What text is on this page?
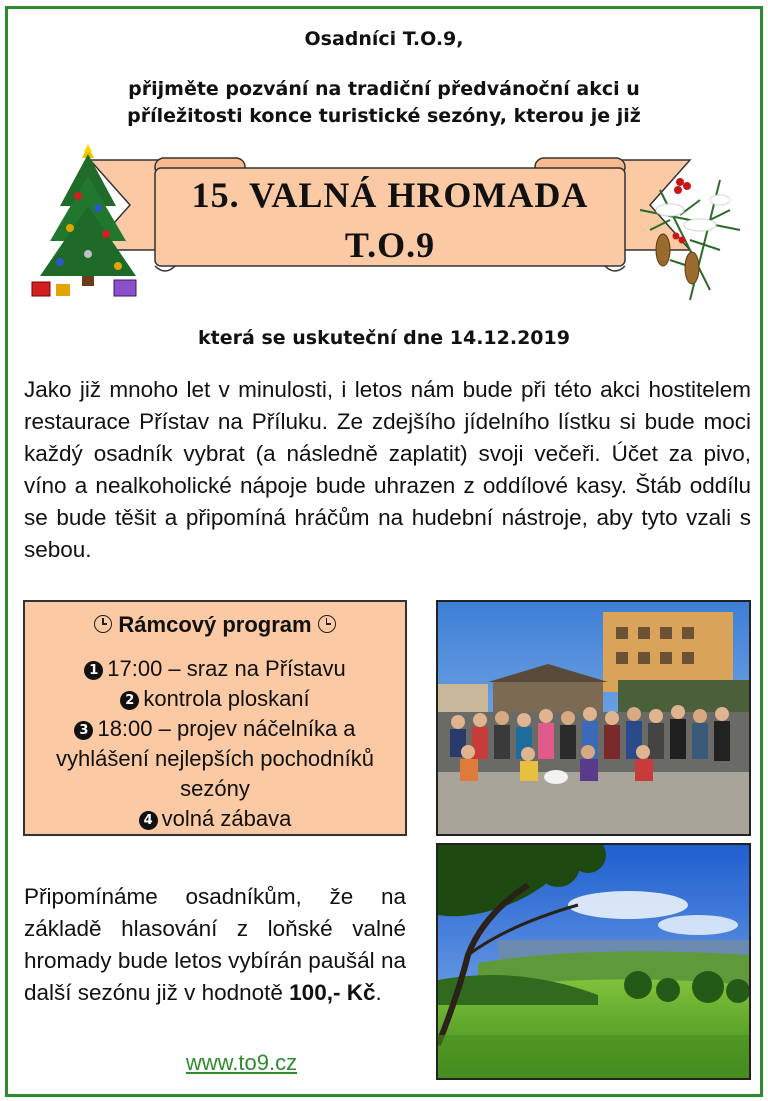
Osadníci T.O.9,
přijměte pozvání na tradiční předvánoční akci u
příležitosti konce turistické sezóny, kterou je již
15. VALNÁ HROMADA
T.O.9
která se uskuteční dne 14.12.2019
Jako již mnoho let v minulosti, i letos nám bude při této akci hostitelem restaurace Přístav na Příluku. Ze zdejšího jídelního lístku si bude moci každý osadník vybrat (a následně zaplatit) svoji večeři. Účet za pivo, víno a nealkoholické nápoje bude uhrazen z oddílové kasy. Štáb oddílu se bude těšit a připomíná hráčům na hudební nástroje, aby tyto vzali s sebou.
Rámcový program
1 17:00 – sraz na Přístavu
2 kontrola ploskaní
3 18:00 – projev náčelníka a vyhlášení nejlepších pochodníků sezóny
4 volná zábava
Připomínáme osadníkům, že na základě hlasování z loňské valné hromady bude letos vybírán paušál na další sezónu již v hodnotě 100,- Kč.
www.to9.cz
